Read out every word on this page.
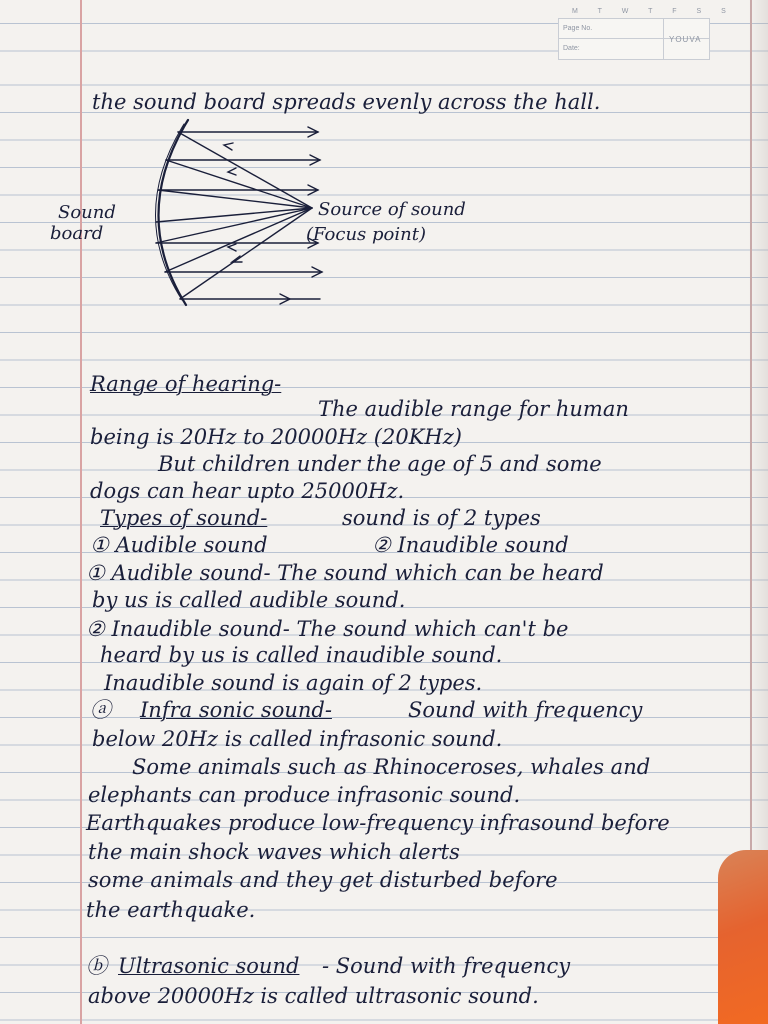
M T W T F S S
Page No.
Date:
YOUVA
the sound board spreads evenly across the hall.
Sound
board
Source of sound
(Focus point)
Range of hearing-
The audible range for human
being is 20Hz to 20000Hz (20KHz)
But children under the age of 5 and some
dogs can hear upto 25000Hz.
Types of sound-	sound is of 2 types
① Audible sound	② Inaudible sound
① Audible sound- The sound which can be heard
by us is called audible sound.
② Inaudible sound- The sound which can't be
heard by us is called inaudible sound.
Inaudible sound is again of 2 types.
ⓐ Infra sonic sound-	Sound with frequency
below 20Hz is called infrasonic sound.
Some animals such as Rhinoceroses, whales and
elephants can produce infrasonic sound.
Earthquakes produce low-frequency infrasound before
the main shock waves which alerts
some animals and they get disturbed before
the earthquake.
ⓑ Ultrasonic sound - Sound with frequency
above 20000Hz is called ultrasonic sound.
